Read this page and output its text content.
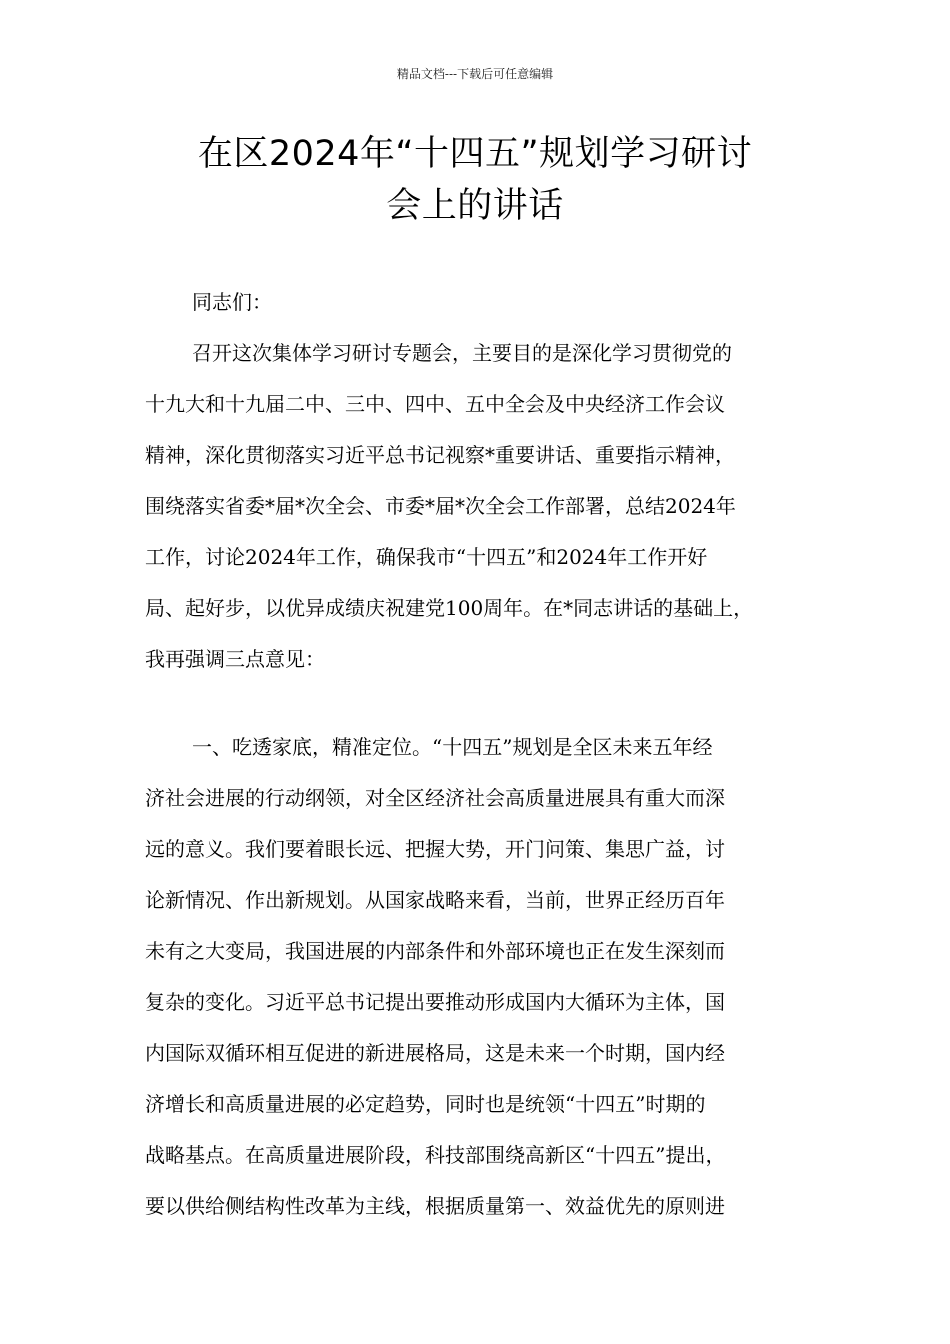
精品文档---下载后可任意编辑
在区2024年“十四五”规划学习研讨
会上的讲话
同志们：
召开这次集体学习研讨专题会，主要目的是深化学习贯彻党的
十九大和十九届二中、三中、四中、五中全会及中央经济工作会议
精神，深化贯彻落实习近平总书记视察*重要讲话、重要指示精神，
围绕落实省委*届*次全会、市委*届*次全会工作部署，总结2024年
工作，讨论2024年工作，确保我市“十四五”和2024年工作开好
局、起好步，以优异成绩庆祝建党100周年。在*同志讲话的基础上，
我再强调三点意见：
一、吃透家底，精准定位。“十四五”规划是全区未来五年经
济社会进展的行动纲领，对全区经济社会高质量进展具有重大而深
远的意义。我们要着眼长远、把握大势，开门问策、集思广益，讨
论新情况、作出新规划。从国家战略来看，当前，世界正经历百年
未有之大变局，我国进展的内部条件和外部环境也正在发生深刻而
复杂的变化。习近平总书记提出要推动形成国内大循环为主体，国
内国际双循环相互促进的新进展格局，这是未来一个时期，国内经
济增长和高质量进展的必定趋势，同时也是统领“十四五”时期的
战略基点。在高质量进展阶段，科技部围绕高新区“十四五”提出，
要以供给侧结构性改革为主线，根据质量第一、效益优先的原则进
